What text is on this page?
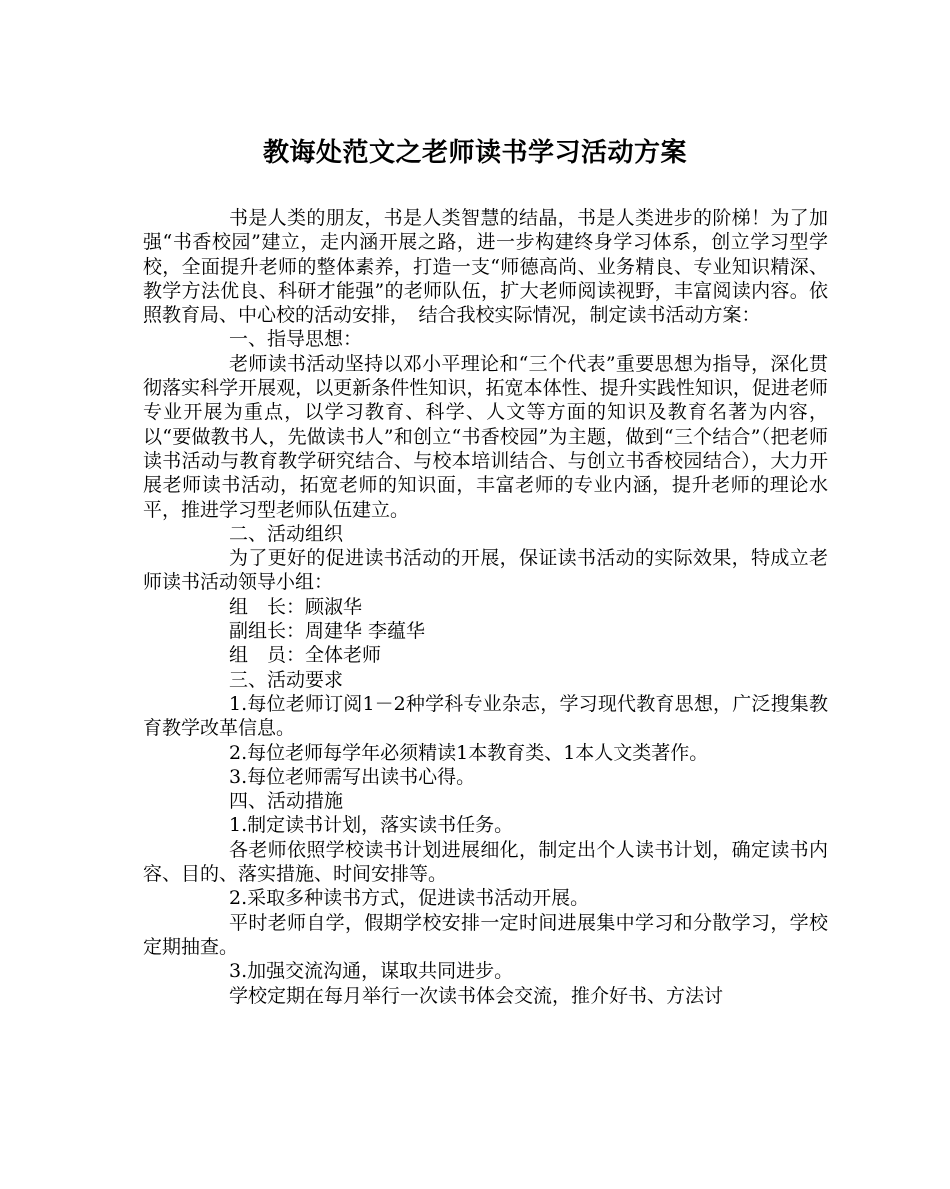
教诲处范文之老师读书学习活动方案

书是人类的朋友，书是人类智慧的结晶，书是人类进步的阶梯！为了加强“书香校园”建立，走内涵开展之路，进一步构建终身学习体系，创立学习型学校，全面提升老师的整体素养，打造一支“师德高尚、业务精良、专业知识精深、教学方法优良、科研才能强”的老师队伍，扩大老师阅读视野，丰富阅读内容。依照教育局、中心校的活动安排，　结合我校实际情况，制定读书活动方案：

一、指导思想：

老师读书活动坚持以邓小平理论和“三个代表”重要思想为指导，深化贯彻落实科学开展观，以更新条件性知识，拓宽本体性、提升实践性知识，促进老师专业开展为重点，以学习教育、科学、人文等方面的知识及教育名著为内容，以“要做教书人，先做读书人”和创立“书香校园”为主题，做到“三个结合”（把老师读书活动与教育教学研究结合、与校本培训结合、与创立书香校园结合），大力开展老师读书活动，拓宽老师的知识面，丰富老师的专业内涵，提升老师的理论水平，推进学习型老师队伍建立。

二、活动组织

为了更好的促进读书活动的开展，保证读书活动的实际效果，特成立老师读书活动领导小组：

组　长：顾淑华

副组长：周建华 李蕴华

组　员：全体老师

三、活动要求

1.每位老师订阅1－2种学科专业杂志，学习现代教育思想，广泛搜集教育教学改革信息。

2.每位老师每学年必须精读1本教育类、1本人文类著作。

3.每位老师需写出读书心得。

四、活动措施

1.制定读书计划，落实读书任务。

各老师依照学校读书计划进展细化，制定出个人读书计划，确定读书内容、目的、落实措施、时间安排等。

2.采取多种读书方式，促进读书活动开展。

平时老师自学，假期学校安排一定时间进展集中学习和分散学习，学校定期抽查。

3.加强交流沟通，谋取共同进步。

学校定期在每月举行一次读书体会交流，推介好书、方法讨
